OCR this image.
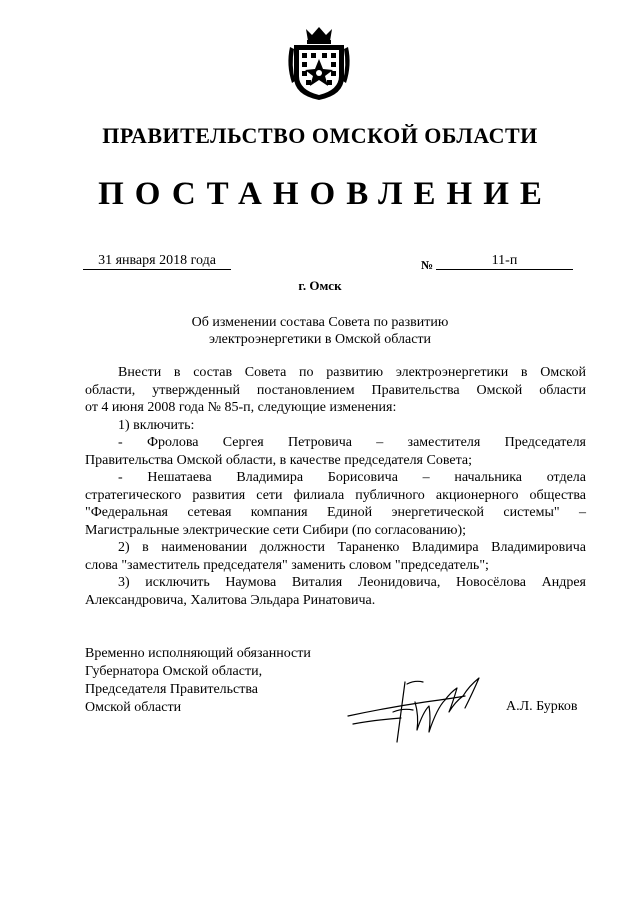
ПРАВИТЕЛЬСТВО ОМСКОЙ ОБЛАСТИ
ПОСТАНОВЛЕНИЕ
31 января 2018 года	№	11-п
г. Омск
Об изменении состава Совета по развитию
электроэнергетики в Омской области

Внести в состав Совета по развитию электроэнергетики в Омской

области, утвержденный постановлением Правительства Омской области

от 4 июня 2008 года № 85-п, следующие изменения:

1) включить:

- Фролова Сергея Петровича – заместителя Председателя

Правительства Омской области, в качестве председателя Совета;

- Нешатаева Владимира Борисовича – начальника отдела

стратегического развития сети филиала публичного акционерного общества

"Федеральная сетевая компания Единой энергетической системы" –

Магистральные электрические сети Сибири (по согласованию);

2) в наименовании должности Тараненко Владимира Владимировича

слова "заместитель председателя" заменить словом "председатель";

3) исключить Наумова Виталия Леонидовича, Новосёлова Андрея

Александровича, Халитова Эльдара Ринатовича.

Временно исполняющий обязанности
Губернатора Омской области,
Председателя Правительства
Омской области	А.Л. Бурков
